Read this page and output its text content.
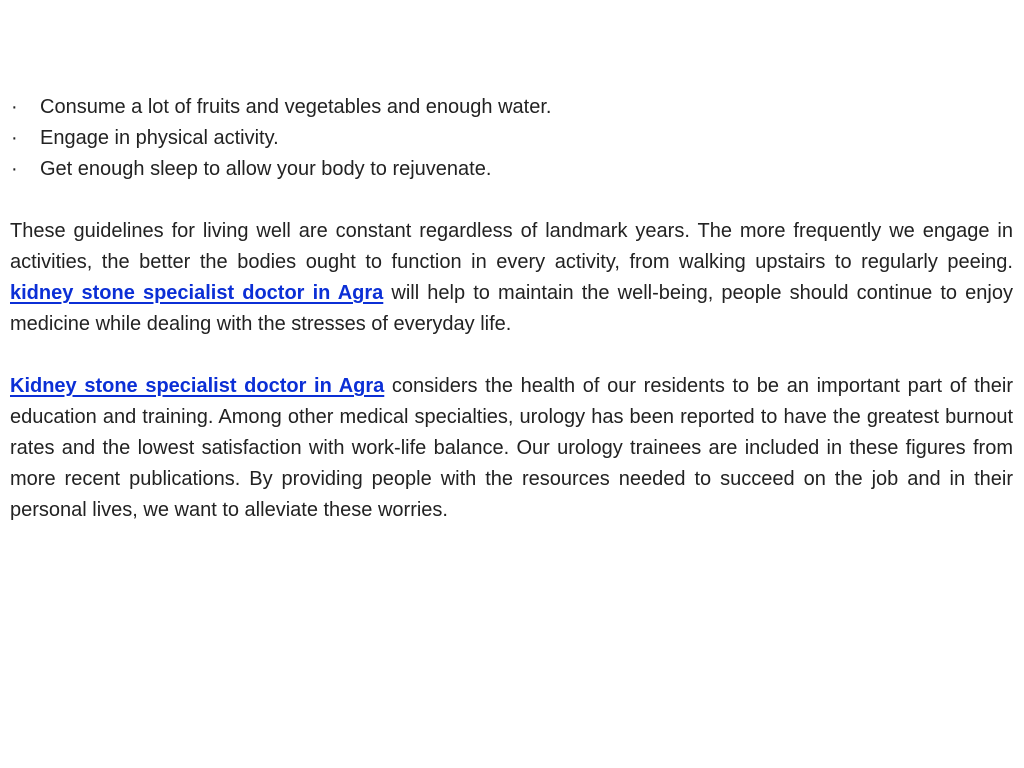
· Consume a lot of fruits and vegetables and enough water.
· Engage in physical activity.
· Get enough sleep to allow your body to rejuvenate.

These guidelines for living well are constant regardless of landmark years. The more frequently we engage in activities, the better the bodies ought to function in every activity, from walking upstairs to regularly peeing. kidney stone specialist doctor in Agra will help to maintain the well-being, people should continue to enjoy medicine while dealing with the stresses of everyday life.

Kidney stone specialist doctor in Agra considers the health of our residents to be an important part of their education and training. Among other medical specialties, urology has been reported to have the greatest burnout rates and the lowest satisfaction with work-life balance. Our urology trainees are included in these figures from more recent publications. By providing people with the resources needed to succeed on the job and in their personal lives, we want to alleviate these worries.
